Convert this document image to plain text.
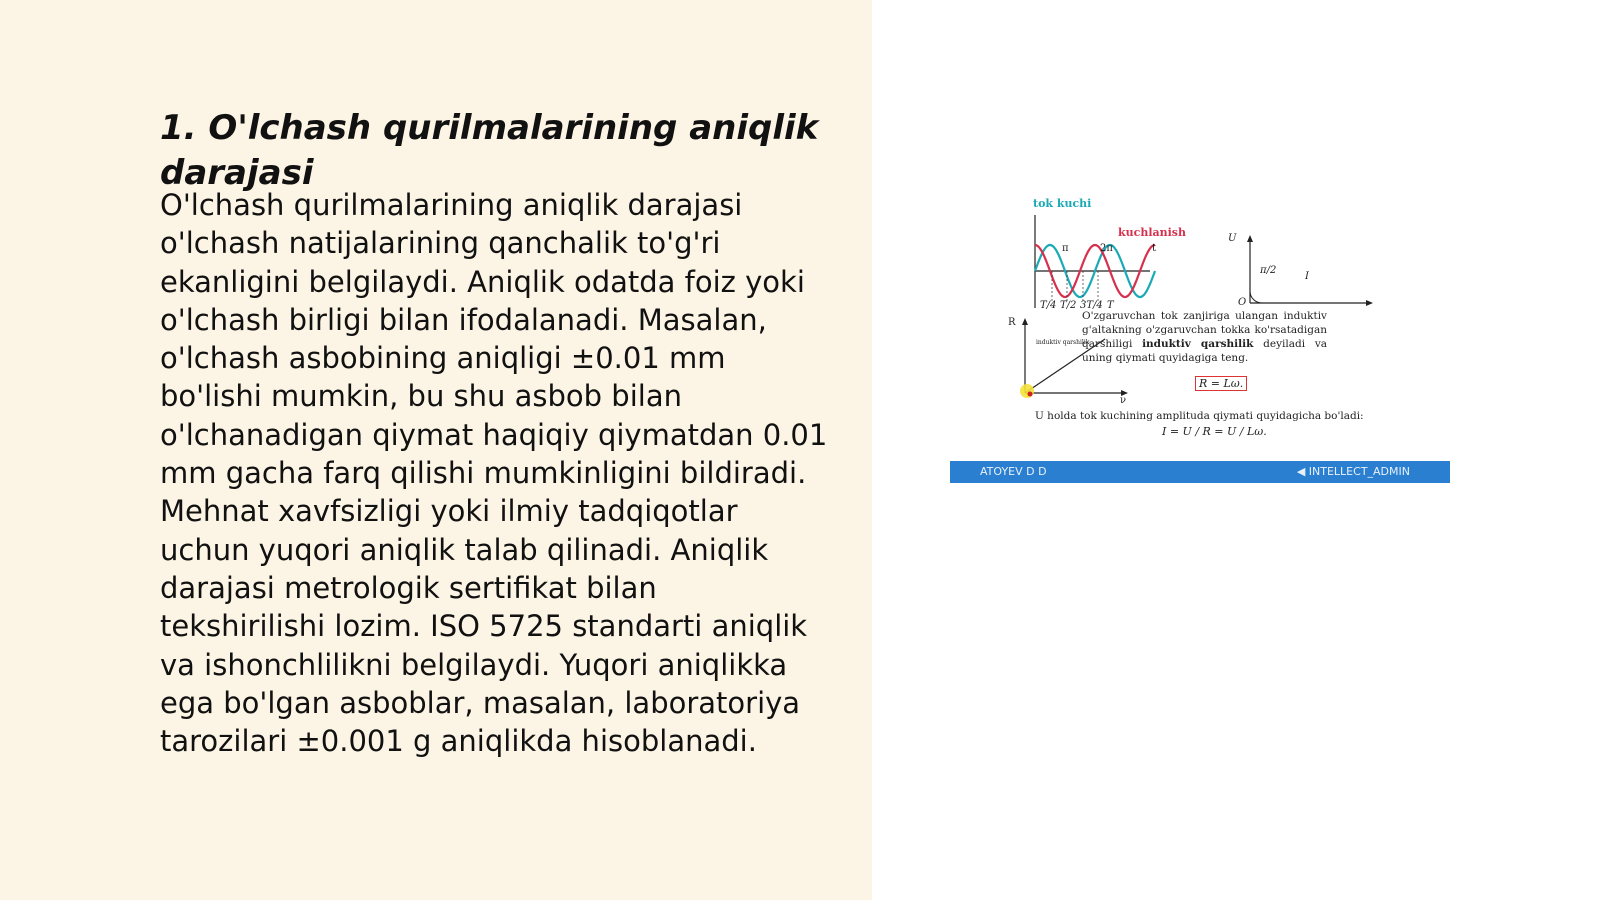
1. O'lchash qurilmalarining aniqlik darajasi

O'lchash qurilmalarining aniqlik darajasi o'lchash natijalarining qanchalik to'g'ri ekanligini belgilaydi. Aniqlik odatda foiz yoki o'lchash birligi bilan ifodalanadi. Masalan, o'lchash asbobining aniqligi ±0.01 mm bo'lishi mumkin, bu shu asbob bilan o'lchanadigan qiymat haqiqiy qiymatdan 0.01 mm gacha farq qilishi mumkinligini bildiradi. Mehnat xavfsizligi yoki ilmiy tadqiqotlar uchun yuqori aniqlik talab qilinadi. Aniqlik darajasi metrologik sertifikat bilan tekshirilishi lozim. ISO 5725 standarti aniqlik va ishonchlilikni belgilaydi. Yuqori aniqlikka ega bo'lgan asboblar, masalan, laboratoriya tarozilari ±0.001 g aniqlikda hisoblanadi.

tok kuchi
kuchlanish
π	2π	t
T/4 T/2 3T/4 T
U
I
π/2
O
R
ν
induktiv qarshilik
O'zgaruvchan tok zanjiriga ulangan induktiv g'altakning o'zgaruvchan tokka ko'rsatadigan qarshiligi induktiv qarshilik deyiladi va uning qiymati quyidagiga teng.
R = Lω.
U holda tok kuchining amplituda qiymati quyidagicha bo'ladi:
I = U / R = U / Lω.
ATOYEV D D	◀ INTELLECT_ADMIN
